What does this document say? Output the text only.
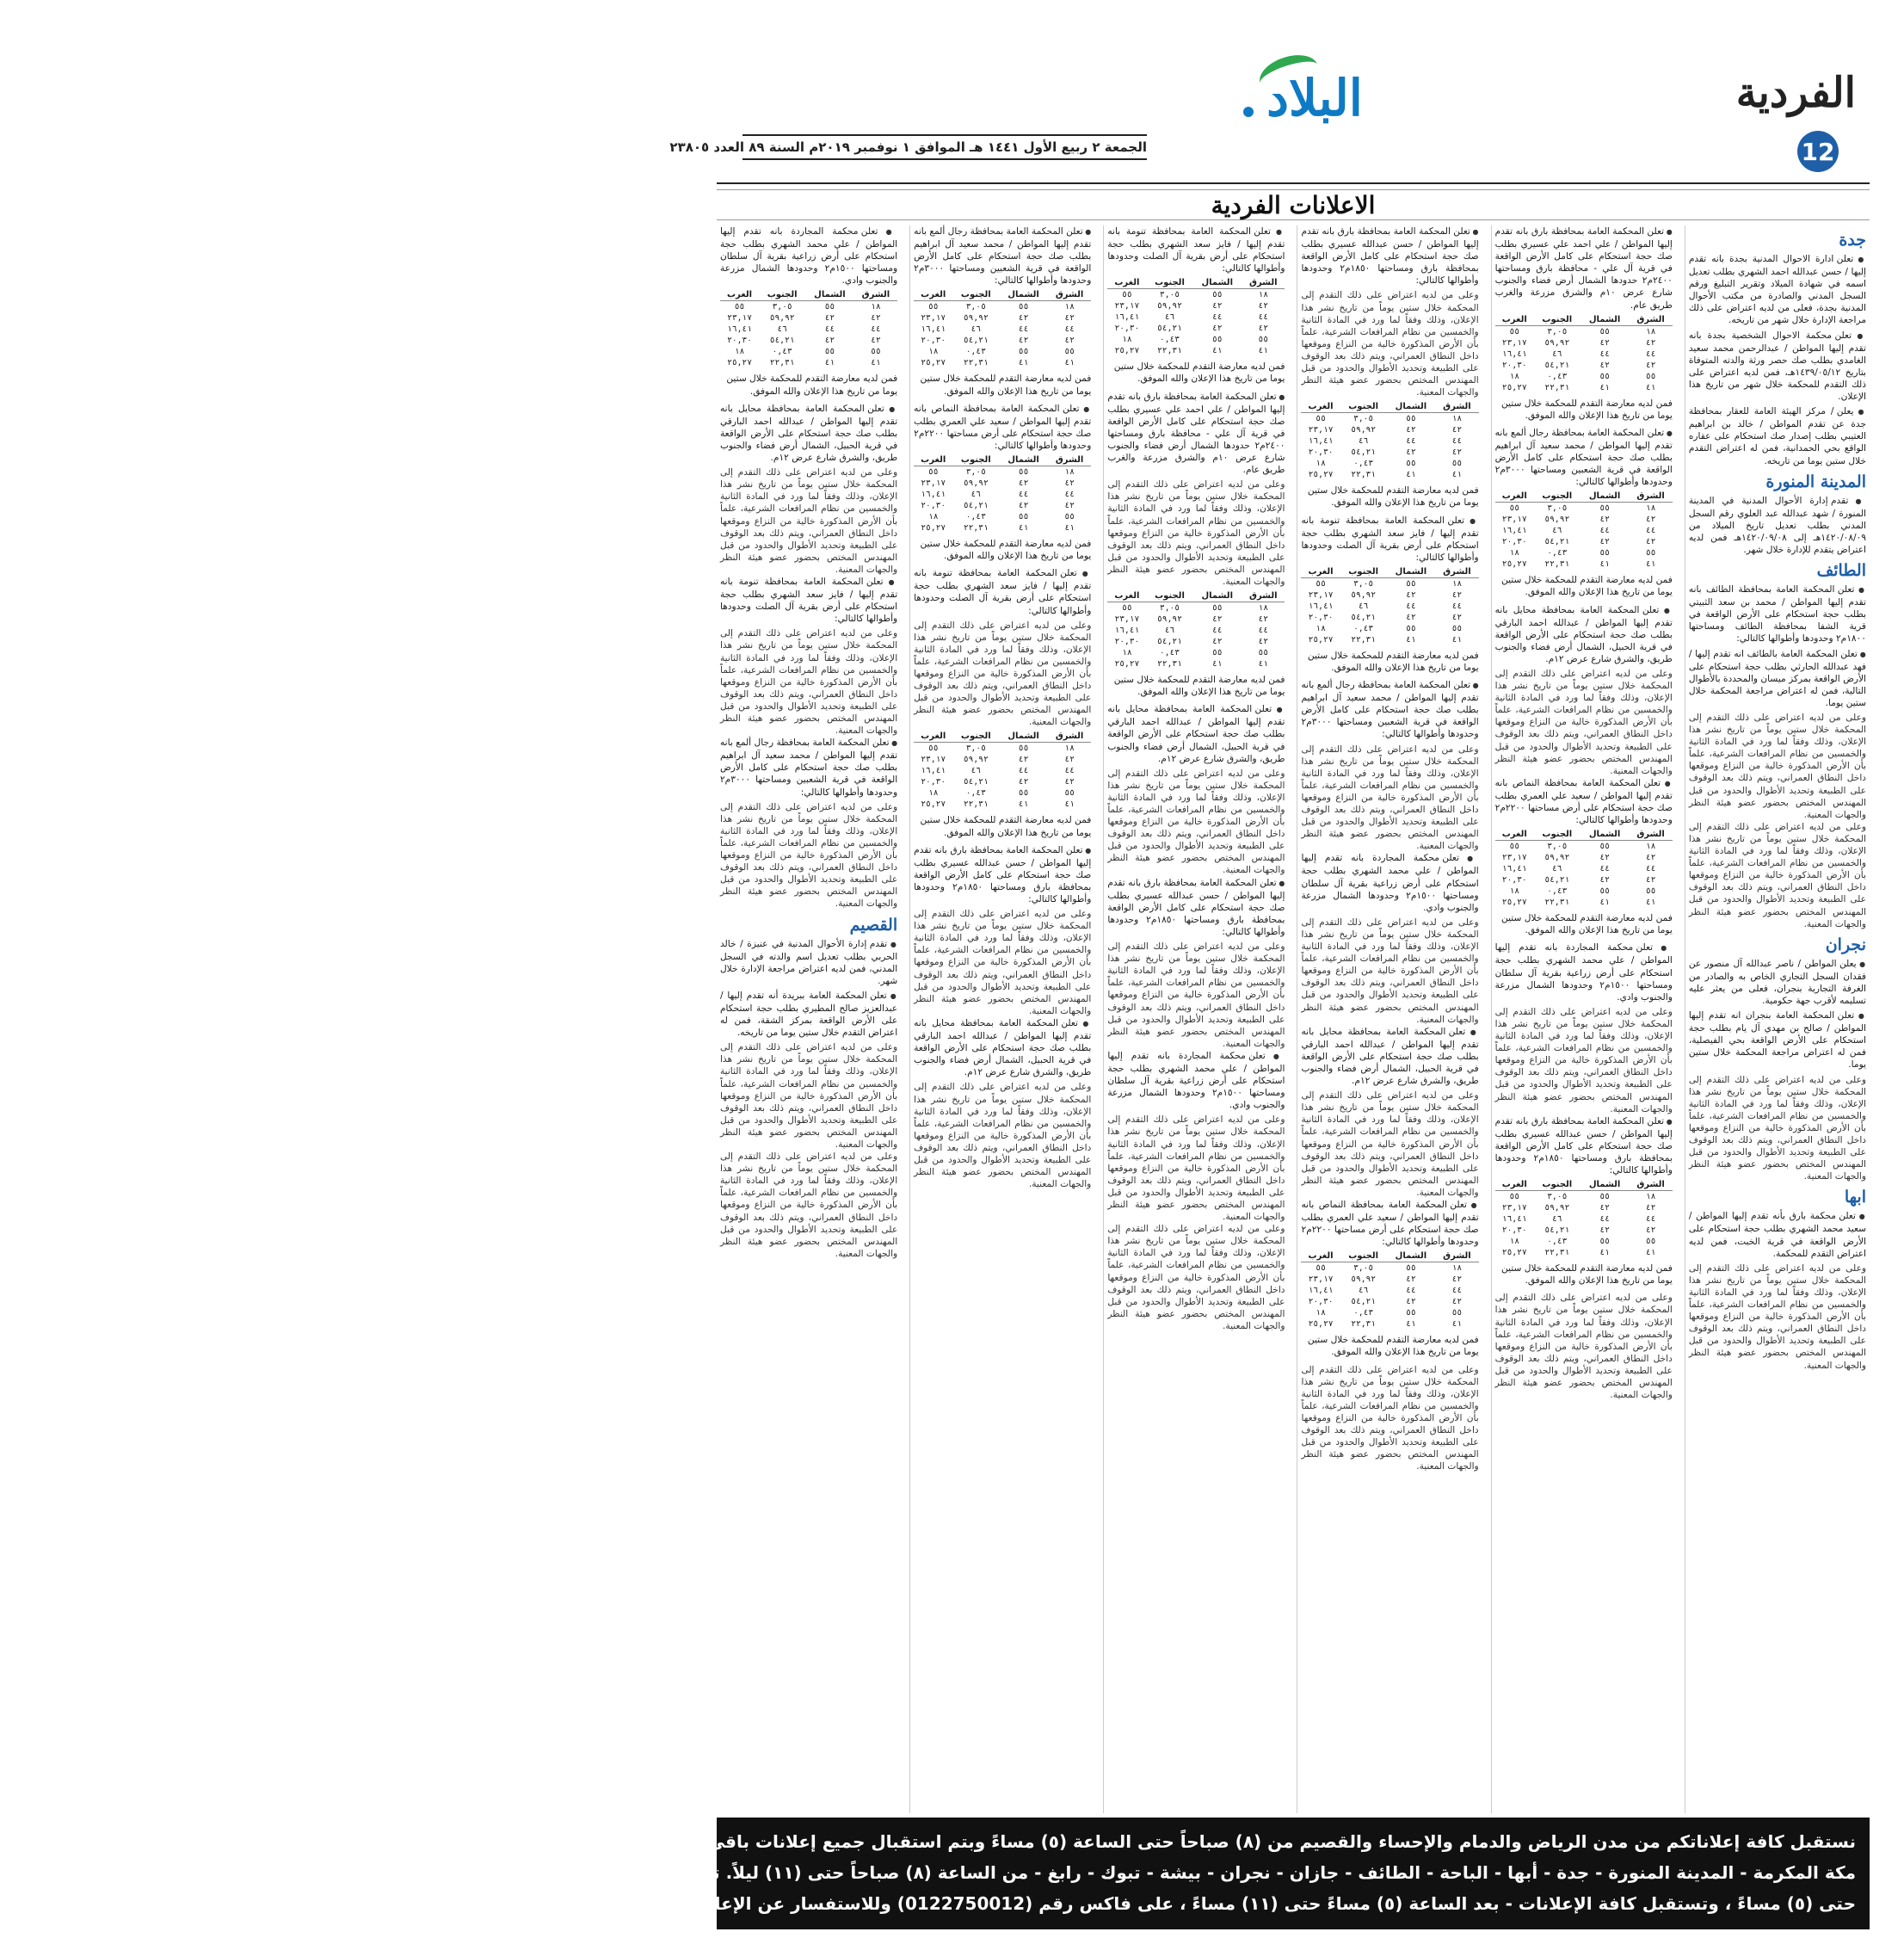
الفردية
12
البلاد
الجمعة ٢ ربيع الأول ١٤٤١ هـ الموافق ١ نوفمبر ٢٠١٩م السنة ٨٩ العدد ٢٣٨٠٥
الاعلانات الفردية
جدة

● تعلن ادارة الاحوال المدنية بجدة بانه تقدم إليها / حسن عبدالله احمد الشهري بطلب تعديل اسمه في شهادة الميلاد وتقرير التبليغ ورقم السجل المدني والصادرة من مكتب الأحوال المدنية بجدة، فعلى من لديه اعتراض على ذلك مراجعة الإدارة خلال شهر من تاريخه.

● تعلن محكمة الاحوال الشخصية بجدة بانه تقدم إليها المواطن / عبدالرحمن محمد سعيد الغامدي بطلب صك حصر ورثة والدته المتوفاة بتاريخ ١٤٣٩/٠٥/١٢هـ، فمن لديه اعتراض على ذلك التقدم للمحكمة خلال شهر من تاريخ هذا الإعلان.

● يعلن / مركز الهيئة العامة للعقار بمحافظة جدة عن تقدم المواطن / خالد بن ابراهيم العتيبي بطلب إصدار صك استحكام على عقاره الواقع بحي الحمدانية، فمن له اعتراض التقدم خلال ستين يوما من تاريخه.

المدينة المنورة

● تقدم إدارة الأحوال المدنية في المدينة المنورة / شهد عبدالله عبد العلوي رقم السجل المدني بطلب تعديل تاريخ الميلاد من ١٤٢٠/٠٨/٠٩هـ إلى ١٤٢٠/٠٩/٠٨هـ فمن لديه اعتراض يتقدم للإدارة خلال شهر.

الطائف

● تعلن المحكمة العامة بمحافظة الطائف بانه تقدم إليها المواطن / محمد بن سعد الثبيتي بطلب حجة استحكام على الأرض الواقعة في قرية الشفا بمحافظة الطائف ومساحتها ١٨٠٠م٢ وحدودها وأطوالها كالتالي:

● تعلن المحكمة العامة بالطائف انه تقدم إليها / فهد عبدالله الحارثي بطلب حجة استحكام على الأرض الواقعة بمركز ميسان والمحددة بالأطوال التالية، فمن له اعتراض مراجعة المحكمة خلال ستين يوما.

وعلى من لديه اعتراض على ذلك التقدم إلى المحكمة خلال ستين يوماً من تاريخ نشر هذا الإعلان، وذلك وفقاً لما ورد في المادة الثانية والخمسين من نظام المرافعات الشرعية، علماً بأن الأرض المذكورة خالية من النزاع وموقعها داخل النطاق العمراني، ويتم ذلك بعد الوقوف على الطبيعة وتحديد الأطوال والحدود من قبل المهندس المختص بحضور عضو هيئة النظر والجهات المعنية.

وعلى من لديه اعتراض على ذلك التقدم إلى المحكمة خلال ستين يوماً من تاريخ نشر هذا الإعلان، وذلك وفقاً لما ورد في المادة الثانية والخمسين من نظام المرافعات الشرعية، علماً بأن الأرض المذكورة خالية من النزاع وموقعها داخل النطاق العمراني، ويتم ذلك بعد الوقوف على الطبيعة وتحديد الأطوال والحدود من قبل المهندس المختص بحضور عضو هيئة النظر والجهات المعنية.

نجران

● يعلن المواطن / ناصر عبدالله آل منصور عن فقدان السجل التجاري الخاص به والصادر من الغرفة التجارية بنجران، فعلى من يعثر عليه تسليمه لأقرب جهة حكومية.

● تعلن المحكمة العامة بنجران انه تقدم إليها المواطن / صالح بن مهدي آل يام بطلب حجة استحكام على الأرض الواقعة بحي الفيصلية، فمن له اعتراض مراجعة المحكمة خلال ستين يوما.

وعلى من لديه اعتراض على ذلك التقدم إلى المحكمة خلال ستين يوماً من تاريخ نشر هذا الإعلان، وذلك وفقاً لما ورد في المادة الثانية والخمسين من نظام المرافعات الشرعية، علماً بأن الأرض المذكورة خالية من النزاع وموقعها داخل النطاق العمراني، ويتم ذلك بعد الوقوف على الطبيعة وتحديد الأطوال والحدود من قبل المهندس المختص بحضور عضو هيئة النظر والجهات المعنية.

ابها

● تعلن محكمة بارق بأنه تقدم إليها المواطن / سعيد محمد الشهري بطلب حجة استحكام على الأرض الواقعة في قرية الخبت، فمن لديه اعتراض التقدم للمحكمة.

وعلى من لديه اعتراض على ذلك التقدم إلى المحكمة خلال ستين يوماً من تاريخ نشر هذا الإعلان، وذلك وفقاً لما ورد في المادة الثانية والخمسين من نظام المرافعات الشرعية، علماً بأن الأرض المذكورة خالية من النزاع وموقعها داخل النطاق العمراني، ويتم ذلك بعد الوقوف على الطبيعة وتحديد الأطوال والحدود من قبل المهندس المختص بحضور عضو هيئة النظر والجهات المعنية.

● تعلن المحكمة العامة بمحافظة بارق بانه تقدم إليها المواطن / علي احمد علي عسيري بطلب صك حجة استحكام على كامل الأرض الواقعة في قرية آل علي - محافظة بارق ومساحتها ٢٤٠٠م٢ حدودها الشمال أرض فضاء والجنوب شارع عرض ١٠م والشرق مزرعة والغرب طريق عام.

الشرق	الشمال	الجنوب	الغرب
١٨	٥٥	٣,٠٥	٥٥
٤٢	٤٢	٥٩,٩٢	٢٣,١٧
٤٤	٤٤	٤٦	١٦,٤١
٤٢	٤٢	٥٤,٢١	٢٠,٣٠
٥٥	٥٥	٠,٤٣	١٨
٤١	٤١	٢٢,٣١	٢٥,٢٧

فمن لديه معارضة التقدم للمحكمة خلال ستين يوما من تاريخ هذا الإعلان والله الموفق.

● تعلن المحكمة العامة بمحافظة رجال ألمع بانه تقدم إليها المواطن / محمد سعيد آل ابراهيم بطلب صك حجة استحكام على كامل الأرض الواقعة في قرية الشعبين ومساحتها ٣٠٠٠م٢ وحدودها وأطوالها كالتالي:

الشرق	الشمال	الجنوب	الغرب
١٨	٥٥	٣,٠٥	٥٥
٤٢	٤٢	٥٩,٩٢	٢٣,١٧
٤٤	٤٤	٤٦	١٦,٤١
٤٢	٤٢	٥٤,٢١	٢٠,٣٠
٥٥	٥٥	٠,٤٣	١٨
٤١	٤١	٢٢,٣١	٢٥,٢٧

فمن لديه معارضة التقدم للمحكمة خلال ستين يوما من تاريخ هذا الإعلان والله الموفق.

● تعلن المحكمة العامة بمحافظة محايل بانه تقدم إليها المواطن / عبدالله احمد البارقي بطلب صك حجة استحكام على الأرض الواقعة في قرية الحبيل، الشمال أرض فضاء والجنوب طريق، والشرق شارع عرض ١٢م.

وعلى من لديه اعتراض على ذلك التقدم إلى المحكمة خلال ستين يوماً من تاريخ نشر هذا الإعلان، وذلك وفقاً لما ورد في المادة الثانية والخمسين من نظام المرافعات الشرعية، علماً بأن الأرض المذكورة خالية من النزاع وموقعها داخل النطاق العمراني، ويتم ذلك بعد الوقوف على الطبيعة وتحديد الأطوال والحدود من قبل المهندس المختص بحضور عضو هيئة النظر والجهات المعنية.

● تعلن المحكمة العامة بمحافظة النماص بانه تقدم إليها المواطن / سعيد علي العمري بطلب صك حجة استحكام على أرض مساحتها ٢٢٠٠م٢ وحدودها وأطوالها كالتالي:

الشرق	الشمال	الجنوب	الغرب
١٨	٥٥	٣,٠٥	٥٥
٤٢	٤٢	٥٩,٩٢	٢٣,١٧
٤٤	٤٤	٤٦	١٦,٤١
٤٢	٤٢	٥٤,٢١	٢٠,٣٠
٥٥	٥٥	٠,٤٣	١٨
٤١	٤١	٢٢,٣١	٢٥,٢٧

فمن لديه معارضة التقدم للمحكمة خلال ستين يوما من تاريخ هذا الإعلان والله الموفق.

● تعلن محكمة المجاردة بانه تقدم إليها المواطن / علي محمد الشهري بطلب حجة استحكام على أرض زراعية بقرية آل سلطان ومساحتها ١٥٠٠م٢ وحدودها الشمال مزرعة والجنوب وادي.

وعلى من لديه اعتراض على ذلك التقدم إلى المحكمة خلال ستين يوماً من تاريخ نشر هذا الإعلان، وذلك وفقاً لما ورد في المادة الثانية والخمسين من نظام المرافعات الشرعية، علماً بأن الأرض المذكورة خالية من النزاع وموقعها داخل النطاق العمراني، ويتم ذلك بعد الوقوف على الطبيعة وتحديد الأطوال والحدود من قبل المهندس المختص بحضور عضو هيئة النظر والجهات المعنية.

● تعلن المحكمة العامة بمحافظة بارق بانه تقدم إليها المواطن / حسن عبدالله عسيري بطلب صك حجة استحكام على كامل الأرض الواقعة بمحافظة بارق ومساحتها ١٨٥٠م٢ وحدودها وأطوالها كالتالي:

الشرق	الشمال	الجنوب	الغرب
١٨	٥٥	٣,٠٥	٥٥
٤٢	٤٢	٥٩,٩٢	٢٣,١٧
٤٤	٤٤	٤٦	١٦,٤١
٤٢	٤٢	٥٤,٢١	٢٠,٣٠
٥٥	٥٥	٠,٤٣	١٨
٤١	٤١	٢٢,٣١	٢٥,٢٧

فمن لديه معارضة التقدم للمحكمة خلال ستين يوما من تاريخ هذا الإعلان والله الموفق.

وعلى من لديه اعتراض على ذلك التقدم إلى المحكمة خلال ستين يوماً من تاريخ نشر هذا الإعلان، وذلك وفقاً لما ورد في المادة الثانية والخمسين من نظام المرافعات الشرعية، علماً بأن الأرض المذكورة خالية من النزاع وموقعها داخل النطاق العمراني، ويتم ذلك بعد الوقوف على الطبيعة وتحديد الأطوال والحدود من قبل المهندس المختص بحضور عضو هيئة النظر والجهات المعنية.

● تعلن المحكمة العامة بمحافظة بارق بانه تقدم إليها المواطن / حسن عبدالله عسيري بطلب صك حجة استحكام على كامل الأرض الواقعة بمحافظة بارق ومساحتها ١٨٥٠م٢ وحدودها وأطوالها كالتالي:

وعلى من لديه اعتراض على ذلك التقدم إلى المحكمة خلال ستين يوماً من تاريخ نشر هذا الإعلان، وذلك وفقاً لما ورد في المادة الثانية والخمسين من نظام المرافعات الشرعية، علماً بأن الأرض المذكورة خالية من النزاع وموقعها داخل النطاق العمراني، ويتم ذلك بعد الوقوف على الطبيعة وتحديد الأطوال والحدود من قبل المهندس المختص بحضور عضو هيئة النظر والجهات المعنية.

الشرق	الشمال	الجنوب	الغرب
١٨	٥٥	٣,٠٥	٥٥
٤٢	٤٢	٥٩,٩٢	٢٣,١٧
٤٤	٤٤	٤٦	١٦,٤١
٤٢	٤٢	٥٤,٢١	٢٠,٣٠
٥٥	٥٥	٠,٤٣	١٨
٤١	٤١	٢٢,٣١	٢٥,٢٧

فمن لديه معارضة التقدم للمحكمة خلال ستين يوما من تاريخ هذا الإعلان والله الموفق.

● تعلن المحكمة العامة بمحافظة تنومة بانه تقدم إليها / فايز سعد الشهري بطلب حجة استحكام على أرض بقرية آل الصلت وحدودها وأطوالها كالتالي:

الشرق	الشمال	الجنوب	الغرب
١٨	٥٥	٣,٠٥	٥٥
٤٢	٤٢	٥٩,٩٢	٢٣,١٧
٤٤	٤٤	٤٦	١٦,٤١
٤٢	٤٢	٥٤,٢١	٢٠,٣٠
٥٥	٥٥	٠,٤٣	١٨
٤١	٤١	٢٢,٣١	٢٥,٢٧

فمن لديه معارضة التقدم للمحكمة خلال ستين يوما من تاريخ هذا الإعلان والله الموفق.

● تعلن المحكمة العامة بمحافظة رجال ألمع بانه تقدم إليها المواطن / محمد سعيد آل ابراهيم بطلب صك حجة استحكام على كامل الأرض الواقعة في قرية الشعبين ومساحتها ٣٠٠٠م٢ وحدودها وأطوالها كالتالي:

وعلى من لديه اعتراض على ذلك التقدم إلى المحكمة خلال ستين يوماً من تاريخ نشر هذا الإعلان، وذلك وفقاً لما ورد في المادة الثانية والخمسين من نظام المرافعات الشرعية، علماً بأن الأرض المذكورة خالية من النزاع وموقعها داخل النطاق العمراني، ويتم ذلك بعد الوقوف على الطبيعة وتحديد الأطوال والحدود من قبل المهندس المختص بحضور عضو هيئة النظر والجهات المعنية.

● تعلن محكمة المجاردة بانه تقدم إليها المواطن / علي محمد الشهري بطلب حجة استحكام على أرض زراعية بقرية آل سلطان ومساحتها ١٥٠٠م٢ وحدودها الشمال مزرعة والجنوب وادي.

وعلى من لديه اعتراض على ذلك التقدم إلى المحكمة خلال ستين يوماً من تاريخ نشر هذا الإعلان، وذلك وفقاً لما ورد في المادة الثانية والخمسين من نظام المرافعات الشرعية، علماً بأن الأرض المذكورة خالية من النزاع وموقعها داخل النطاق العمراني، ويتم ذلك بعد الوقوف على الطبيعة وتحديد الأطوال والحدود من قبل المهندس المختص بحضور عضو هيئة النظر والجهات المعنية.

● تعلن المحكمة العامة بمحافظة محايل بانه تقدم إليها المواطن / عبدالله احمد البارقي بطلب صك حجة استحكام على الأرض الواقعة في قرية الحبيل، الشمال أرض فضاء والجنوب طريق، والشرق شارع عرض ١٢م.

وعلى من لديه اعتراض على ذلك التقدم إلى المحكمة خلال ستين يوماً من تاريخ نشر هذا الإعلان، وذلك وفقاً لما ورد في المادة الثانية والخمسين من نظام المرافعات الشرعية، علماً بأن الأرض المذكورة خالية من النزاع وموقعها داخل النطاق العمراني، ويتم ذلك بعد الوقوف على الطبيعة وتحديد الأطوال والحدود من قبل المهندس المختص بحضور عضو هيئة النظر والجهات المعنية.

● تعلن المحكمة العامة بمحافظة النماص بانه تقدم إليها المواطن / سعيد علي العمري بطلب صك حجة استحكام على أرض مساحتها ٢٢٠٠م٢ وحدودها وأطوالها كالتالي:

الشرق	الشمال	الجنوب	الغرب
١٨	٥٥	٣,٠٥	٥٥
٤٢	٤٢	٥٩,٩٢	٢٣,١٧
٤٤	٤٤	٤٦	١٦,٤١
٤٢	٤٢	٥٤,٢١	٢٠,٣٠
٥٥	٥٥	٠,٤٣	١٨
٤١	٤١	٢٢,٣١	٢٥,٢٧

فمن لديه معارضة التقدم للمحكمة خلال ستين يوما من تاريخ هذا الإعلان والله الموفق.

وعلى من لديه اعتراض على ذلك التقدم إلى المحكمة خلال ستين يوماً من تاريخ نشر هذا الإعلان، وذلك وفقاً لما ورد في المادة الثانية والخمسين من نظام المرافعات الشرعية، علماً بأن الأرض المذكورة خالية من النزاع وموقعها داخل النطاق العمراني، ويتم ذلك بعد الوقوف على الطبيعة وتحديد الأطوال والحدود من قبل المهندس المختص بحضور عضو هيئة النظر والجهات المعنية.

● تعلن المحكمة العامة بمحافظة تنومة بانه تقدم إليها / فايز سعد الشهري بطلب حجة استحكام على أرض بقرية آل الصلت وحدودها وأطوالها كالتالي:

الشرق	الشمال	الجنوب	الغرب
١٨	٥٥	٣,٠٥	٥٥
٤٢	٤٢	٥٩,٩٢	٢٣,١٧
٤٤	٤٤	٤٦	١٦,٤١
٤٢	٤٢	٥٤,٢١	٢٠,٣٠
٥٥	٥٥	٠,٤٣	١٨
٤١	٤١	٢٢,٣١	٢٥,٢٧

فمن لديه معارضة التقدم للمحكمة خلال ستين يوما من تاريخ هذا الإعلان والله الموفق.

● تعلن المحكمة العامة بمحافظة بارق بانه تقدم إليها المواطن / علي احمد علي عسيري بطلب صك حجة استحكام على كامل الأرض الواقعة في قرية آل علي - محافظة بارق ومساحتها ٢٤٠٠م٢ حدودها الشمال أرض فضاء والجنوب شارع عرض ١٠م والشرق مزرعة والغرب طريق عام.

وعلى من لديه اعتراض على ذلك التقدم إلى المحكمة خلال ستين يوماً من تاريخ نشر هذا الإعلان، وذلك وفقاً لما ورد في المادة الثانية والخمسين من نظام المرافعات الشرعية، علماً بأن الأرض المذكورة خالية من النزاع وموقعها داخل النطاق العمراني، ويتم ذلك بعد الوقوف على الطبيعة وتحديد الأطوال والحدود من قبل المهندس المختص بحضور عضو هيئة النظر والجهات المعنية.

الشرق	الشمال	الجنوب	الغرب
١٨	٥٥	٣,٠٥	٥٥
٤٢	٤٢	٥٩,٩٢	٢٣,١٧
٤٤	٤٤	٤٦	١٦,٤١
٤٢	٤٢	٥٤,٢١	٢٠,٣٠
٥٥	٥٥	٠,٤٣	١٨
٤١	٤١	٢٢,٣١	٢٥,٢٧

فمن لديه معارضة التقدم للمحكمة خلال ستين يوما من تاريخ هذا الإعلان والله الموفق.

● تعلن المحكمة العامة بمحافظة محايل بانه تقدم إليها المواطن / عبدالله احمد البارقي بطلب صك حجة استحكام على الأرض الواقعة في قرية الحبيل، الشمال أرض فضاء والجنوب طريق، والشرق شارع عرض ١٢م.

وعلى من لديه اعتراض على ذلك التقدم إلى المحكمة خلال ستين يوماً من تاريخ نشر هذا الإعلان، وذلك وفقاً لما ورد في المادة الثانية والخمسين من نظام المرافعات الشرعية، علماً بأن الأرض المذكورة خالية من النزاع وموقعها داخل النطاق العمراني، ويتم ذلك بعد الوقوف على الطبيعة وتحديد الأطوال والحدود من قبل المهندس المختص بحضور عضو هيئة النظر والجهات المعنية.

● تعلن المحكمة العامة بمحافظة بارق بانه تقدم إليها المواطن / حسن عبدالله عسيري بطلب صك حجة استحكام على كامل الأرض الواقعة بمحافظة بارق ومساحتها ١٨٥٠م٢ وحدودها وأطوالها كالتالي:

وعلى من لديه اعتراض على ذلك التقدم إلى المحكمة خلال ستين يوماً من تاريخ نشر هذا الإعلان، وذلك وفقاً لما ورد في المادة الثانية والخمسين من نظام المرافعات الشرعية، علماً بأن الأرض المذكورة خالية من النزاع وموقعها داخل النطاق العمراني، ويتم ذلك بعد الوقوف على الطبيعة وتحديد الأطوال والحدود من قبل المهندس المختص بحضور عضو هيئة النظر والجهات المعنية.

● تعلن محكمة المجاردة بانه تقدم إليها المواطن / علي محمد الشهري بطلب حجة استحكام على أرض زراعية بقرية آل سلطان ومساحتها ١٥٠٠م٢ وحدودها الشمال مزرعة والجنوب وادي.

وعلى من لديه اعتراض على ذلك التقدم إلى المحكمة خلال ستين يوماً من تاريخ نشر هذا الإعلان، وذلك وفقاً لما ورد في المادة الثانية والخمسين من نظام المرافعات الشرعية، علماً بأن الأرض المذكورة خالية من النزاع وموقعها داخل النطاق العمراني، ويتم ذلك بعد الوقوف على الطبيعة وتحديد الأطوال والحدود من قبل المهندس المختص بحضور عضو هيئة النظر والجهات المعنية.

وعلى من لديه اعتراض على ذلك التقدم إلى المحكمة خلال ستين يوماً من تاريخ نشر هذا الإعلان، وذلك وفقاً لما ورد في المادة الثانية والخمسين من نظام المرافعات الشرعية، علماً بأن الأرض المذكورة خالية من النزاع وموقعها داخل النطاق العمراني، ويتم ذلك بعد الوقوف على الطبيعة وتحديد الأطوال والحدود من قبل المهندس المختص بحضور عضو هيئة النظر والجهات المعنية.

● تعلن المحكمة العامة بمحافظة رجال ألمع بانه تقدم إليها المواطن / محمد سعيد آل ابراهيم بطلب صك حجة استحكام على كامل الأرض الواقعة في قرية الشعبين ومساحتها ٣٠٠٠م٢ وحدودها وأطوالها كالتالي:

الشرق	الشمال	الجنوب	الغرب
١٨	٥٥	٣,٠٥	٥٥
٤٢	٤٢	٥٩,٩٢	٢٣,١٧
٤٤	٤٤	٤٦	١٦,٤١
٤٢	٤٢	٥٤,٢١	٢٠,٣٠
٥٥	٥٥	٠,٤٣	١٨
٤١	٤١	٢٢,٣١	٢٥,٢٧

فمن لديه معارضة التقدم للمحكمة خلال ستين يوما من تاريخ هذا الإعلان والله الموفق.

● تعلن المحكمة العامة بمحافظة النماص بانه تقدم إليها المواطن / سعيد علي العمري بطلب صك حجة استحكام على أرض مساحتها ٢٢٠٠م٢ وحدودها وأطوالها كالتالي:

الشرق	الشمال	الجنوب	الغرب
١٨	٥٥	٣,٠٥	٥٥
٤٢	٤٢	٥٩,٩٢	٢٣,١٧
٤٤	٤٤	٤٦	١٦,٤١
٤٢	٤٢	٥٤,٢١	٢٠,٣٠
٥٥	٥٥	٠,٤٣	١٨
٤١	٤١	٢٢,٣١	٢٥,٢٧

فمن لديه معارضة التقدم للمحكمة خلال ستين يوما من تاريخ هذا الإعلان والله الموفق.

● تعلن المحكمة العامة بمحافظة تنومة بانه تقدم إليها / فايز سعد الشهري بطلب حجة استحكام على أرض بقرية آل الصلت وحدودها وأطوالها كالتالي:

وعلى من لديه اعتراض على ذلك التقدم إلى المحكمة خلال ستين يوماً من تاريخ نشر هذا الإعلان، وذلك وفقاً لما ورد في المادة الثانية والخمسين من نظام المرافعات الشرعية، علماً بأن الأرض المذكورة خالية من النزاع وموقعها داخل النطاق العمراني، ويتم ذلك بعد الوقوف على الطبيعة وتحديد الأطوال والحدود من قبل المهندس المختص بحضور عضو هيئة النظر والجهات المعنية.

الشرق	الشمال	الجنوب	الغرب
١٨	٥٥	٣,٠٥	٥٥
٤٢	٤٢	٥٩,٩٢	٢٣,١٧
٤٤	٤٤	٤٦	١٦,٤١
٤٢	٤٢	٥٤,٢١	٢٠,٣٠
٥٥	٥٥	٠,٤٣	١٨
٤١	٤١	٢٢,٣١	٢٥,٢٧

فمن لديه معارضة التقدم للمحكمة خلال ستين يوما من تاريخ هذا الإعلان والله الموفق.

● تعلن المحكمة العامة بمحافظة بارق بانه تقدم إليها المواطن / حسن عبدالله عسيري بطلب صك حجة استحكام على كامل الأرض الواقعة بمحافظة بارق ومساحتها ١٨٥٠م٢ وحدودها وأطوالها كالتالي:

وعلى من لديه اعتراض على ذلك التقدم إلى المحكمة خلال ستين يوماً من تاريخ نشر هذا الإعلان، وذلك وفقاً لما ورد في المادة الثانية والخمسين من نظام المرافعات الشرعية، علماً بأن الأرض المذكورة خالية من النزاع وموقعها داخل النطاق العمراني، ويتم ذلك بعد الوقوف على الطبيعة وتحديد الأطوال والحدود من قبل المهندس المختص بحضور عضو هيئة النظر والجهات المعنية.

● تعلن المحكمة العامة بمحافظة محايل بانه تقدم إليها المواطن / عبدالله احمد البارقي بطلب صك حجة استحكام على الأرض الواقعة في قرية الحبيل، الشمال أرض فضاء والجنوب طريق، والشرق شارع عرض ١٢م.

وعلى من لديه اعتراض على ذلك التقدم إلى المحكمة خلال ستين يوماً من تاريخ نشر هذا الإعلان، وذلك وفقاً لما ورد في المادة الثانية والخمسين من نظام المرافعات الشرعية، علماً بأن الأرض المذكورة خالية من النزاع وموقعها داخل النطاق العمراني، ويتم ذلك بعد الوقوف على الطبيعة وتحديد الأطوال والحدود من قبل المهندس المختص بحضور عضو هيئة النظر والجهات المعنية.

● تعلن محكمة المجاردة بانه تقدم إليها المواطن / علي محمد الشهري بطلب حجة استحكام على أرض زراعية بقرية آل سلطان ومساحتها ١٥٠٠م٢ وحدودها الشمال مزرعة والجنوب وادي.

الشرق	الشمال	الجنوب	الغرب
١٨	٥٥	٣,٠٥	٥٥
٤٢	٤٢	٥٩,٩٢	٢٣,١٧
٤٤	٤٤	٤٦	١٦,٤١
٤٢	٤٢	٥٤,٢١	٢٠,٣٠
٥٥	٥٥	٠,٤٣	١٨
٤١	٤١	٢٢,٣١	٢٥,٢٧

فمن لديه معارضة التقدم للمحكمة خلال ستين يوما من تاريخ هذا الإعلان والله الموفق.

● تعلن المحكمة العامة بمحافظة محايل بانه تقدم إليها المواطن / عبدالله احمد البارقي بطلب صك حجة استحكام على الأرض الواقعة في قرية الحبيل، الشمال أرض فضاء والجنوب طريق، والشرق شارع عرض ١٢م.

وعلى من لديه اعتراض على ذلك التقدم إلى المحكمة خلال ستين يوماً من تاريخ نشر هذا الإعلان، وذلك وفقاً لما ورد في المادة الثانية والخمسين من نظام المرافعات الشرعية، علماً بأن الأرض المذكورة خالية من النزاع وموقعها داخل النطاق العمراني، ويتم ذلك بعد الوقوف على الطبيعة وتحديد الأطوال والحدود من قبل المهندس المختص بحضور عضو هيئة النظر والجهات المعنية.

● تعلن المحكمة العامة بمحافظة تنومة بانه تقدم إليها / فايز سعد الشهري بطلب حجة استحكام على أرض بقرية آل الصلت وحدودها وأطوالها كالتالي:

وعلى من لديه اعتراض على ذلك التقدم إلى المحكمة خلال ستين يوماً من تاريخ نشر هذا الإعلان، وذلك وفقاً لما ورد في المادة الثانية والخمسين من نظام المرافعات الشرعية، علماً بأن الأرض المذكورة خالية من النزاع وموقعها داخل النطاق العمراني، ويتم ذلك بعد الوقوف على الطبيعة وتحديد الأطوال والحدود من قبل المهندس المختص بحضور عضو هيئة النظر والجهات المعنية.

● تعلن المحكمة العامة بمحافظة رجال ألمع بانه تقدم إليها المواطن / محمد سعيد آل ابراهيم بطلب صك حجة استحكام على كامل الأرض الواقعة في قرية الشعبين ومساحتها ٣٠٠٠م٢ وحدودها وأطوالها كالتالي:

وعلى من لديه اعتراض على ذلك التقدم إلى المحكمة خلال ستين يوماً من تاريخ نشر هذا الإعلان، وذلك وفقاً لما ورد في المادة الثانية والخمسين من نظام المرافعات الشرعية، علماً بأن الأرض المذكورة خالية من النزاع وموقعها داخل النطاق العمراني، ويتم ذلك بعد الوقوف على الطبيعة وتحديد الأطوال والحدود من قبل المهندس المختص بحضور عضو هيئة النظر والجهات المعنية.

القصيم

● تقدم إدارة الأحوال المدنية في عنيزة / خالد الحربي بطلب تعديل اسم والدته في السجل المدني، فمن لديه اعتراض مراجعة الإدارة خلال شهر.

● تعلن المحكمة العامة ببريدة أنه تقدم إليها / عبدالعزيز صالح المطيري بطلب حجة استحكام على الأرض الواقعة بمركز الشقة، فمن له اعتراض التقدم خلال ستين يوما من تاريخه.

وعلى من لديه اعتراض على ذلك التقدم إلى المحكمة خلال ستين يوماً من تاريخ نشر هذا الإعلان، وذلك وفقاً لما ورد في المادة الثانية والخمسين من نظام المرافعات الشرعية، علماً بأن الأرض المذكورة خالية من النزاع وموقعها داخل النطاق العمراني، ويتم ذلك بعد الوقوف على الطبيعة وتحديد الأطوال والحدود من قبل المهندس المختص بحضور عضو هيئة النظر والجهات المعنية.

وعلى من لديه اعتراض على ذلك التقدم إلى المحكمة خلال ستين يوماً من تاريخ نشر هذا الإعلان، وذلك وفقاً لما ورد في المادة الثانية والخمسين من نظام المرافعات الشرعية، علماً بأن الأرض المذكورة خالية من النزاع وموقعها داخل النطاق العمراني، ويتم ذلك بعد الوقوف على الطبيعة وتحديد الأطوال والحدود من قبل المهندس المختص بحضور عضو هيئة النظر والجهات المعنية.

نستقبل كافة إعلاناتكم من مدن الرياض والدمام والإحساء والقصيم من (٨) صباحاً حتى الساعة (٥) مساءً وبتم استقبال جميع إعلانات باقي الفروع التي تشمل كل من

مكة المكرمة - المدينة المنورة - جدة - أبها - الباحة - الطائف - جازان - نجران - بيشة - تبوك - رابغ - من الساعة (٨) صباحاً حتى (١١) ليلاً. تستقبل الإعلانات من كافة الفروع على هاتف (0126711000) فاكس (0126716241)

حتى (٥) مساءً ، وتستقبل كافة الإعلانات - بعد الساعة (٥) مساءً حتى (١١) مساءً ، على فاكس رقم (0122750012) وللاستفسار عن الإعلانات على مدار الساعة ، نأمل الاتصال على جوال (0567787781)
